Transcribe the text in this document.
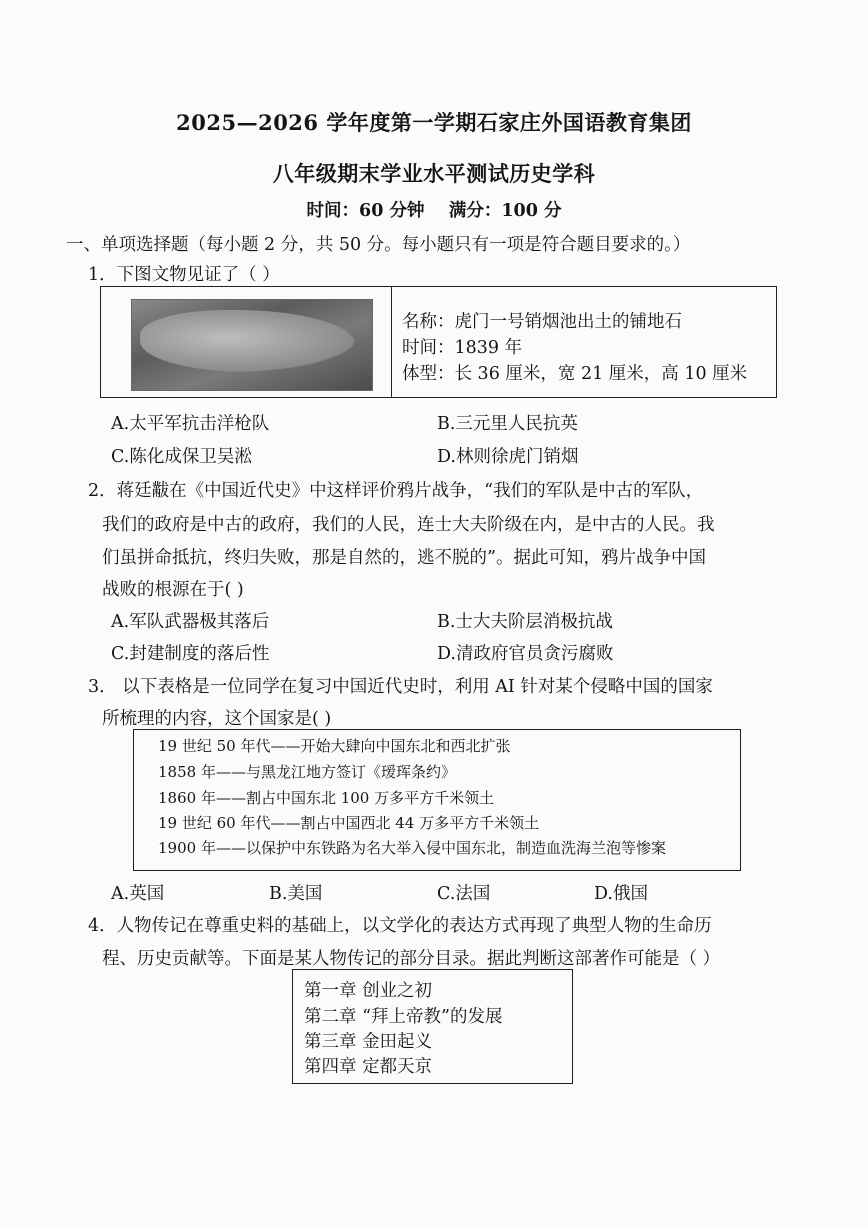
2025—2026 学年度第一学期石家庄外国语教育集团
八年级期末学业水平测试历史学科
时间：60 分钟    满分：100 分
一、单项选择题（每小题 2 分，共 50 分。每小题只有一项是符合题目要求的。）
1．下图文物见证了（ ）
名称：虎门一号销烟池出土的铺地石
时间：1839 年
体型：长 36 厘米，宽 21 厘米，高 10 厘米
A.太平军抗击洋枪队	B.三元里人民抗英
C.陈化成保卫吴淞	D.林则徐虎门销烟
2．蒋廷黻在《中国近代史》中这样评价鸦片战争，“我们的军队是中古的军队，
我们的政府是中古的政府，我们的人民，连士大夫阶级在内，是中古的人民。我
们虽拼命抵抗，终归失败，那是自然的，逃不脱的”。据此可知，鸦片战争中国
战败的根源在于( )
A.军队武器极其落后	B.士大夫阶层消极抗战
C.封建制度的落后性	D.清政府官员贪污腐败
3． 以下表格是一位同学在复习中国近代史时，利用 AI 针对某个侵略中国的国家
所梳理的内容，这个国家是( )
19 世纪 50 年代——开始大肆向中国东北和西北扩张
1858 年——与黑龙江地方签订《瑷珲条约》
1860 年——割占中国东北 100 万多平方千米领土
19 世纪 60 年代——割占中国西北 44 万多平方千米领土
1900 年——以保护中东铁路为名大举入侵中国东北，制造血洗海兰泡等惨案
A.英国	B.美国	C.法国	D.俄国
4．人物传记在尊重史料的基础上，以文学化的表达方式再现了典型人物的生命历
程、历史贡献等。下面是某人物传记的部分目录。据此判断这部著作可能是（ ）
第一章 创业之初
第二章 “拜上帝教”的发展
第三章 金田起义
第四章 定都天京
